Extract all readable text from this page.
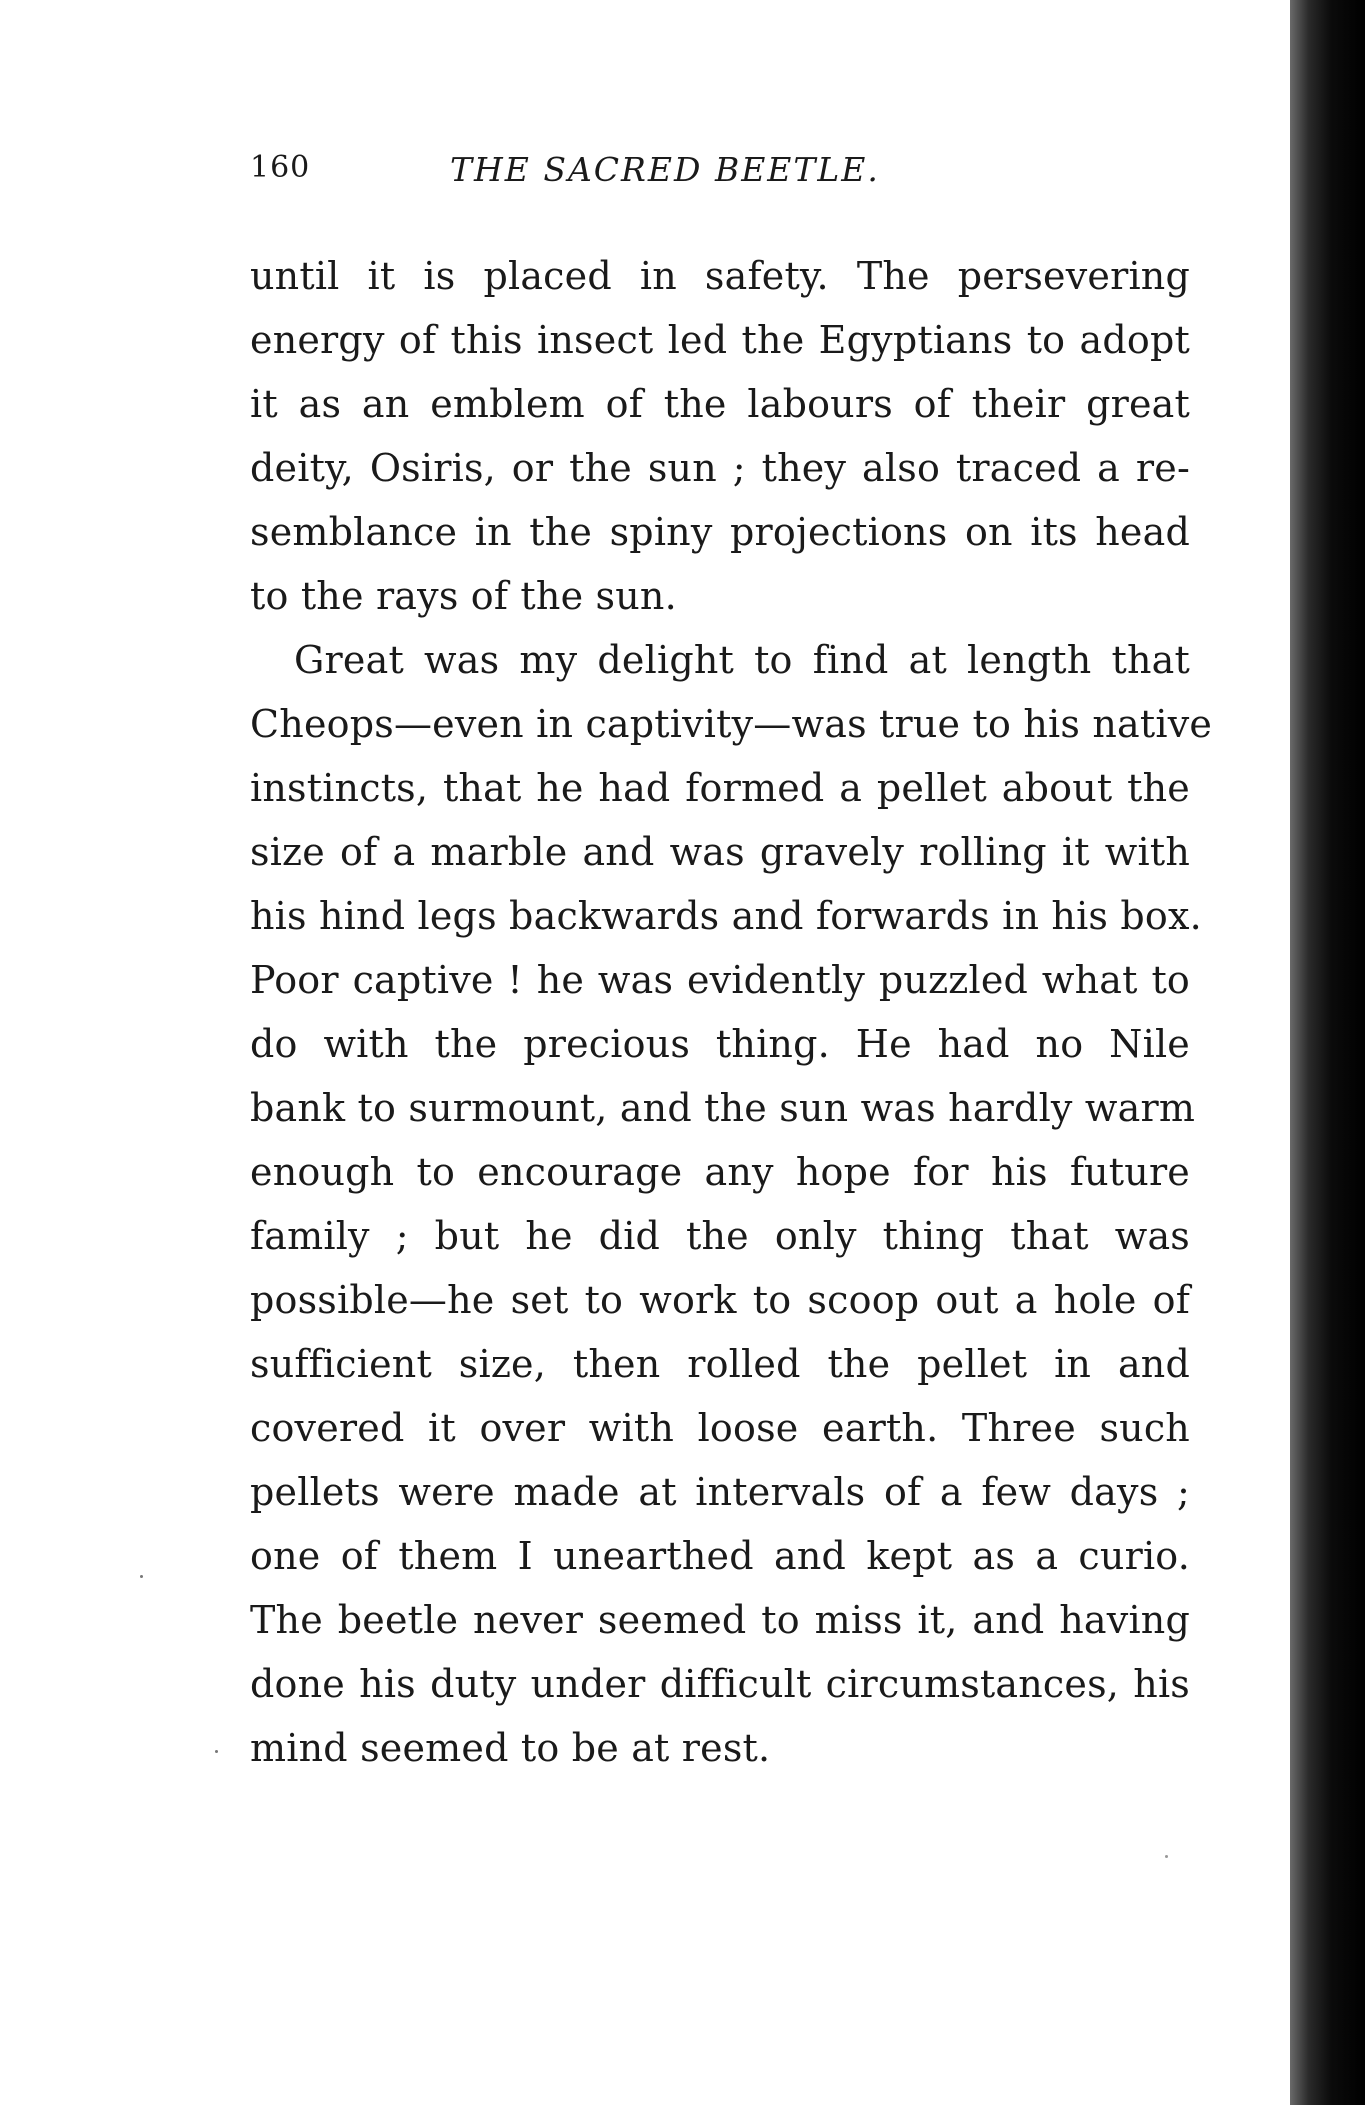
160	THE SACRED BEETLE.
until it is placed in safety. The persevering
energy of this insect led the Egyptians to adopt
it as an emblem of the labours of their great
deity, Osiris, or the sun ; they also traced a re-
semblance in the spiny projections on its head
to the rays of the sun.
Great was my delight to find at length that
Cheops—even in captivity—was true to his native
instincts, that he had formed a pellet about the
size of a marble and was gravely rolling it with
his hind legs backwards and forwards in his box.
Poor captive ! he was evidently puzzled what to
do with the precious thing. He had no Nile
bank to surmount, and the sun was hardly warm
enough to encourage any hope for his future
family ; but he did the only thing that was
possible—he set to work to scoop out a hole of
sufficient size, then rolled the pellet in and
covered it over with loose earth. Three such
pellets were made at intervals of a few days ;
one of them I unearthed and kept as a curio.
The beetle never seemed to miss it, and having
done his duty under difficult circumstances, his
mind seemed to be at rest.
